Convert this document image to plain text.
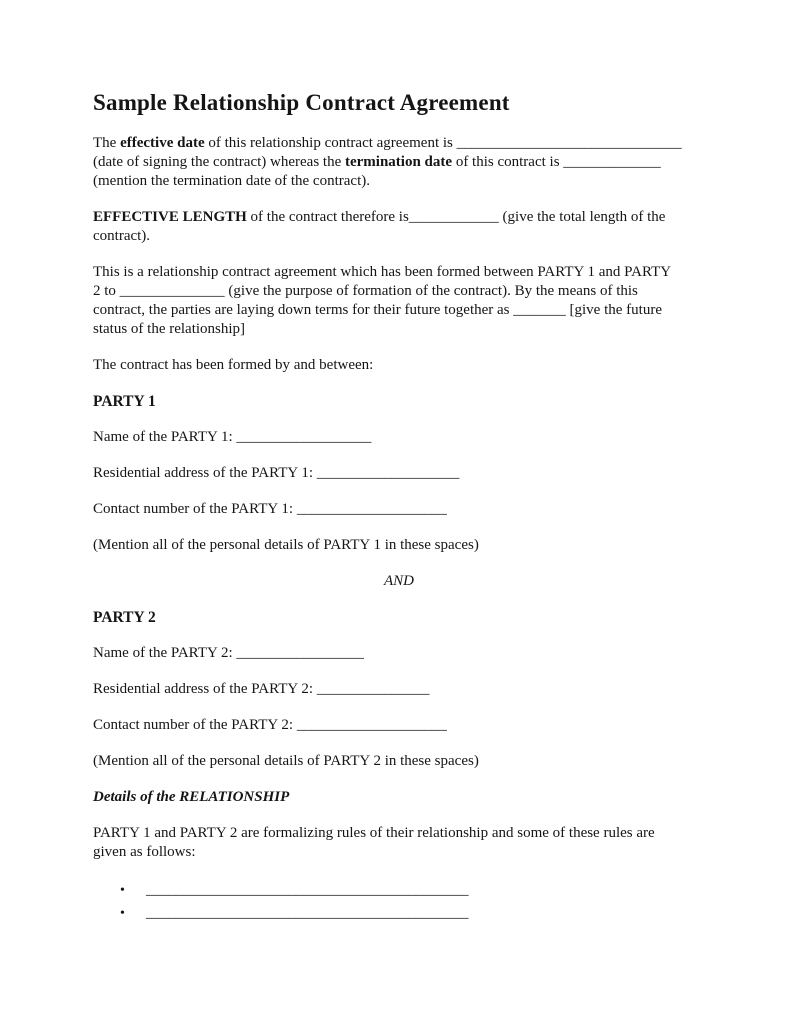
Sample Relationship Contract Agreement

The effective date of this relationship contract agreement is ______________________________
(date of signing the contract) whereas the termination date of this contract is _____________
(mention the termination date of the contract).

EFFECTIVE LENGTH of the contract therefore is____________ (give the total length of the
contract).

This is a relationship contract agreement which has been formed between PARTY 1 and PARTY
2 to ______________ (give the purpose of formation of the contract). By the means of this
contract, the parties are laying down terms for their future together as _______ [give the future
status of the relationship]

The contract has been formed by and between:

PARTY 1

Name of the PARTY 1: __________________

Residential address of the PARTY 1: ___________________

Contact number of the PARTY 1: ____________________

(Mention all of the personal details of PARTY 1 in these spaces)

AND

PARTY 2

Name of the PARTY 2: _________________

Residential address of the PARTY 2: _______________

Contact number of the PARTY 2: ____________________

(Mention all of the personal details of PARTY 2 in these spaces)

Details of the RELATIONSHIP

PARTY 1 and PARTY 2 are formalizing rules of their relationship and some of these rules are
given as follows:

• ___________________________________________
• ___________________________________________
